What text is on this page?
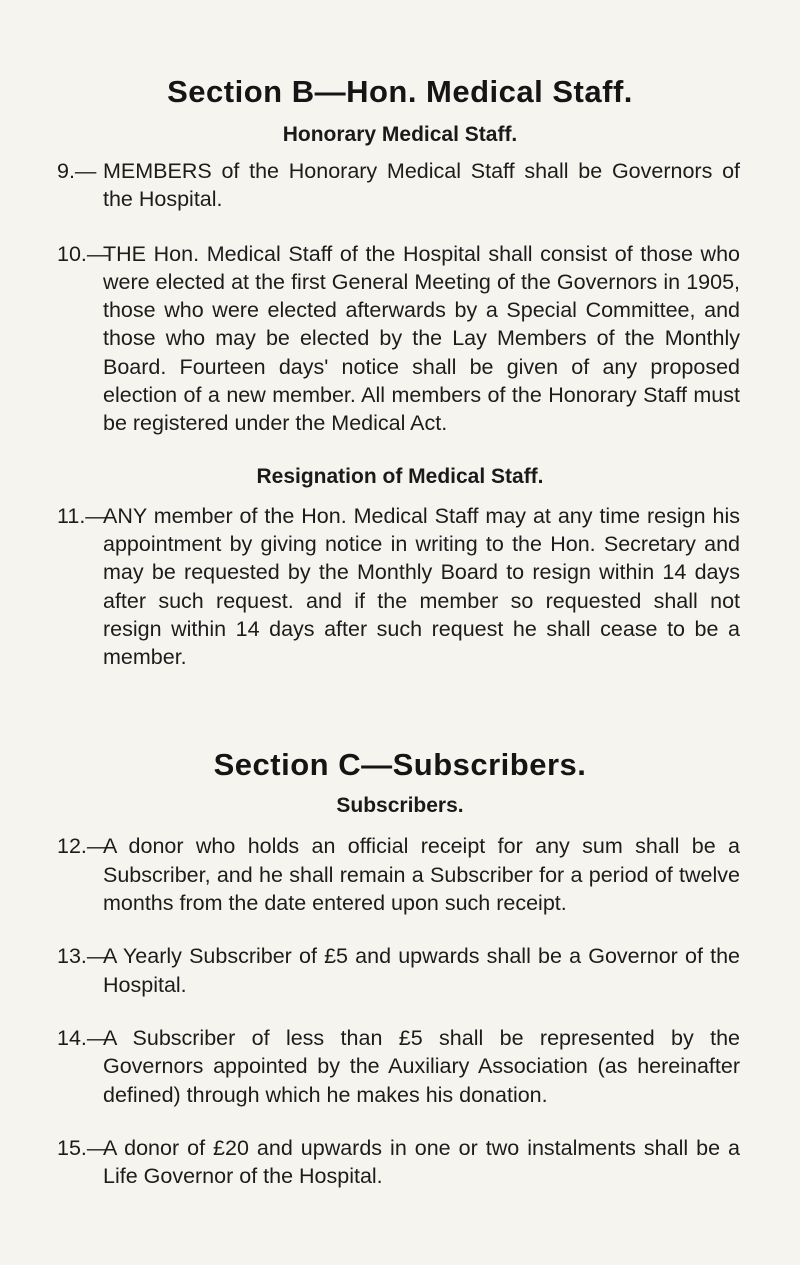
Section B—Hon. Medical Staff.
Honorary Medical Staff.

9.— MEMBERS of the Honorary Medical Staff shall be Governors of the Hospital.

10.—
THE Hon. Medical Staff of the Hospital shall consist of those who were elected at the first General Meeting of the Governors in 1905, those who were elected afterwards by a Special Committee, and those who may be elected by the Lay Members of the Monthly Board. Fourteen days' notice shall be given of any proposed election of a new member. All members of the Honorary Staff must be registered under the Medical Act.

Resignation of Medical Staff.

11.—
ANY member of the Hon. Medical Staff may at any time resign his appointment by giving notice in writing to the Hon. Secretary and may be requested by the Monthly Board to resign within 14 days after such request. and if the member so requested shall not resign within 14 days after such request he shall cease to be a member.

Section C—Subscribers.
Subscribers.

12.—
A donor who holds an official receipt for any sum shall be a Subscriber, and he shall remain a Subscriber for a period of twelve months from the date entered upon such receipt.

13.—
A Yearly Subscriber of £5 and upwards shall be a Governor of the Hospital.

14.—
A Subscriber of less than £5 shall be represented by the Governors appointed by the Auxiliary Association (as hereinafter defined) through which he makes his donation.

15.—
A donor of £20 and upwards in one or two instalments shall be a Life Governor of the Hospital.
